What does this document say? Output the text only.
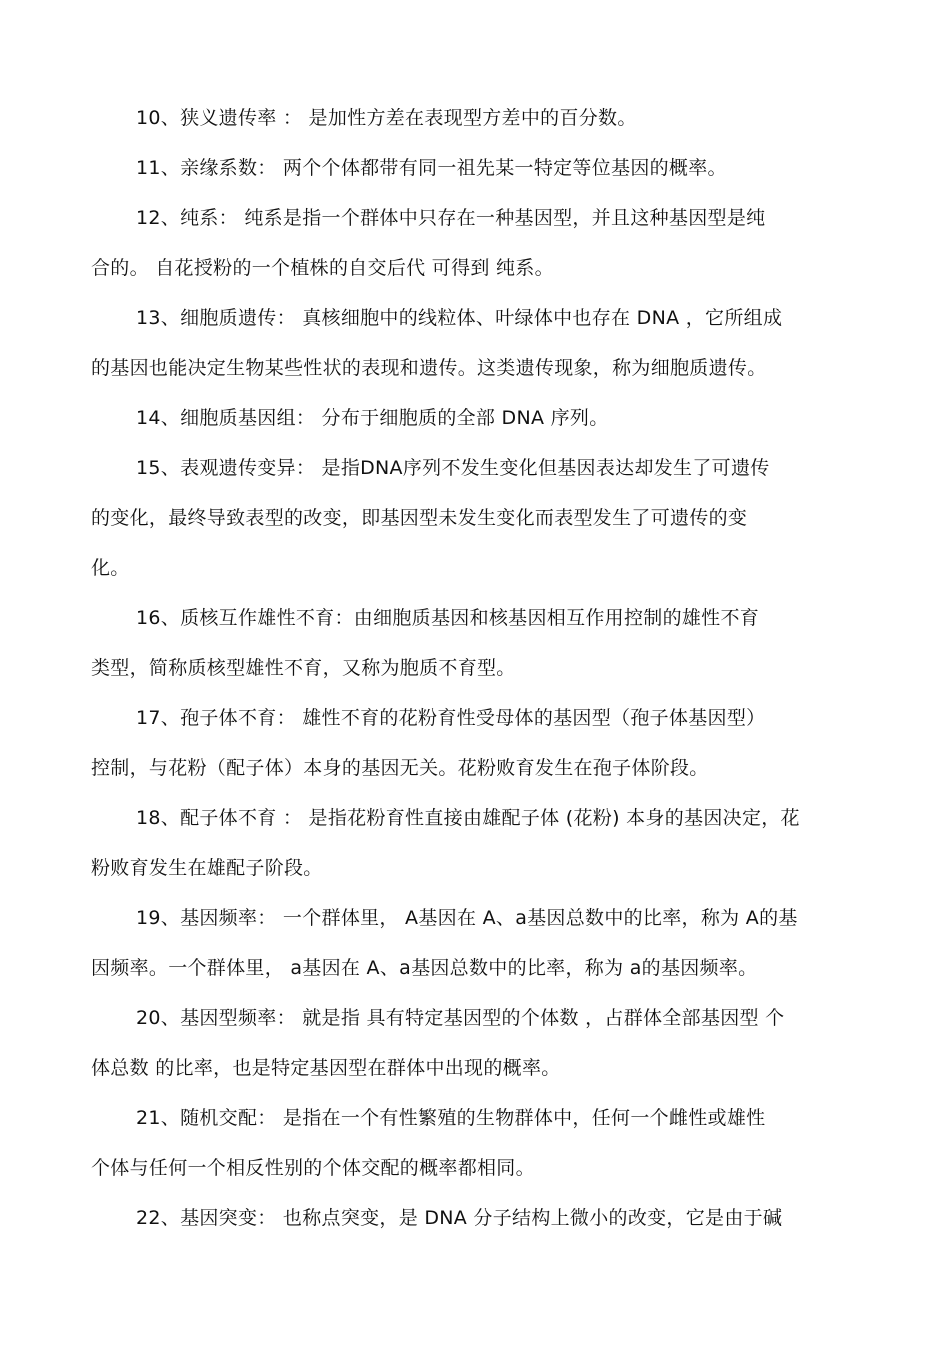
10、狭义遗传率 ： 是加性方差在表现型方差中的百分数。
11、亲缘系数： 两个个体都带有同一祖先某一特定等位基因的概率。
12、纯系： 纯系是指一个群体中只存在一种基因型，并且这种基因型是纯
合的。 自花授粉的一个植株的自交后代 可得到 纯系。
13、细胞质遗传： 真核细胞中的线粒体、叶绿体中也存在 DNA ，它所组成
的基因也能决定生物某些性状的表现和遗传。这类遗传现象，称为细胞质遗传。
14、细胞质基因组： 分布于细胞质的全部 DNA 序列。
15、表观遗传变异： 是指DNA序列不发生变化但基因表达却发生了可遗传
的变化，最终导致表型的改变，即基因型未发生变化而表型发生了可遗传的变
化。
16、质核互作雄性不育：由细胞质基因和核基因相互作用控制的雄性不育
类型，简称质核型雄性不育，又称为胞质不育型。
17、孢子体不育： 雄性不育的花粉育性受母体的基因型（孢子体基因型）
控制，与花粉（配子体）本身的基因无关。花粉败育发生在孢子体阶段。
18、配子体不育 ： 是指花粉育性直接由雄配子体 (花粉) 本身的基因决定，花
粉败育发生在雄配子阶段。
19、基因频率： 一个群体里， A基因在 A、a基因总数中的比率，称为 A的基
因频率。一个群体里， a基因在 A、a基因总数中的比率，称为 a的基因频率。
20、基因型频率： 就是指 具有特定基因型的个体数 ，占群体全部基因型 个
体总数 的比率，也是特定基因型在群体中出现的概率。
21、随机交配： 是指在一个有性繁殖的生物群体中，任何一个雌性或雄性
个体与任何一个相反性别的个体交配的概率都相同。
22、基因突变： 也称点突变，是 DNA 分子结构上微小的改变，它是由于碱
